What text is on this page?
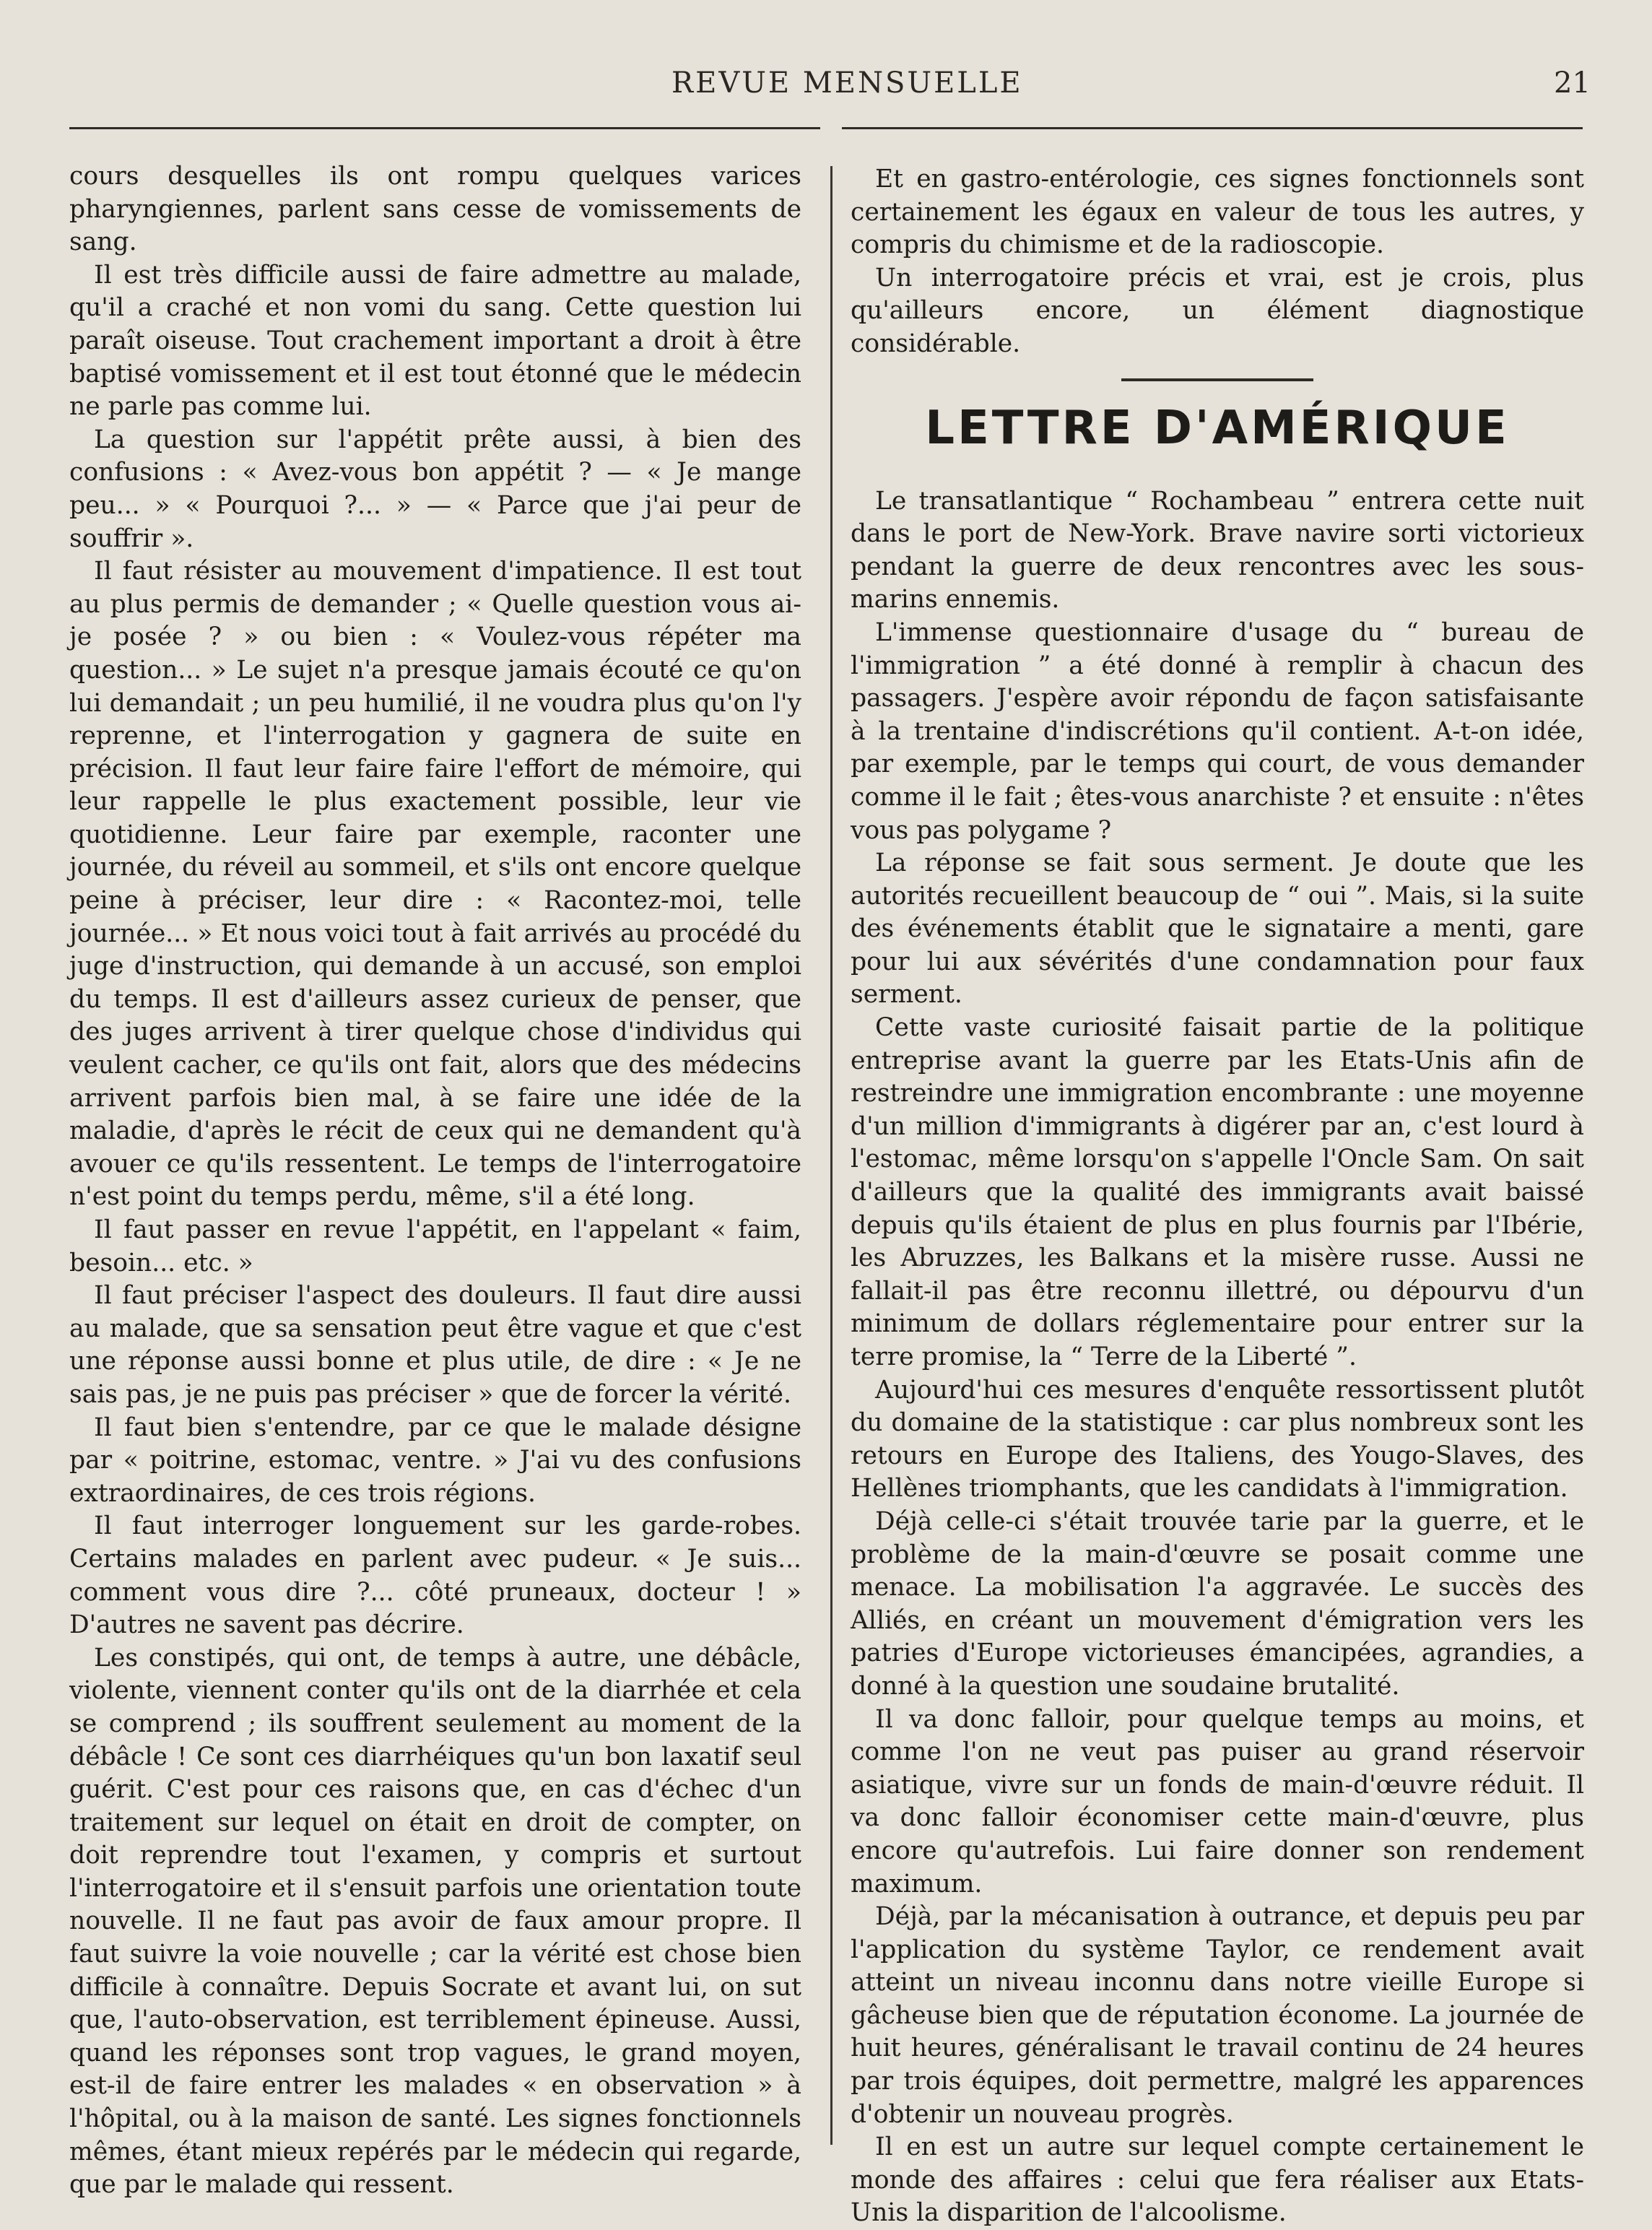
REVUE MENSUELLE	21

cours desquelles ils ont rompu quelques varices pharyngiennes, parlent sans cesse de vomissements de sang.

Il est très difficile aussi de faire admettre au malade, qu'il a craché et non vomi du sang. Cette question lui paraît oiseuse. Tout crachement important a droit à être baptisé vomissement et il est tout étonné que le médecin ne parle pas comme lui.

La question sur l'appétit prête aussi, à bien des confusions : « Avez-vous bon appétit ? — « Je mange peu... » « Pourquoi ?... » — « Parce que j'ai peur de souffrir ».

Il faut résister au mouvement d'impatience. Il est tout au plus permis de demander ; « Quelle question vous ai-je posée ? » ou bien : « Voulez-vous répéter ma question... » Le sujet n'a presque jamais écouté ce qu'on lui demandait ; un peu humilié, il ne voudra plus qu'on l'y reprenne, et l'interrogation y gagnera de suite en précision. Il faut leur faire faire l'effort de mémoire, qui leur rappelle le plus exactement possible, leur vie quotidienne. Leur faire par exemple, raconter une journée, du réveil au sommeil, et s'ils ont encore quelque peine à préciser, leur dire : « Racontez-moi, telle journée... » Et nous voici tout à fait arrivés au procédé du juge d'instruction, qui demande à un accusé, son emploi du temps. Il est d'ailleurs assez curieux de penser, que des juges arrivent à tirer quelque chose d'individus qui veulent cacher, ce qu'ils ont fait, alors que des médecins arrivent parfois bien mal, à se faire une idée de la maladie, d'après le récit de ceux qui ne demandent qu'à avouer ce qu'ils ressentent. Le temps de l'interrogatoire n'est point du temps perdu, même, s'il a été long.

Il faut passer en revue l'appétit, en l'appelant « faim, besoin... etc. »

Il faut préciser l'aspect des douleurs. Il faut dire aussi au malade, que sa sensation peut être vague et que c'est une réponse aussi bonne et plus utile, de dire : « Je ne sais pas, je ne puis pas préciser » que de forcer la vérité.

Il faut bien s'entendre, par ce que le malade désigne par « poitrine, estomac, ventre. » J'ai vu des confusions extraordinaires, de ces trois régions.

Il faut interroger longuement sur les garde-robes. Certains malades en parlent avec pudeur. « Je suis... comment vous dire ?... côté pruneaux, docteur ! » D'autres ne savent pas décrire.

Les constipés, qui ont, de temps à autre, une débâcle, violente, viennent conter qu'ils ont de la diarrhée et cela se comprend ; ils souffrent seulement au moment de la débâcle ! Ce sont ces diarrhéiques qu'un bon laxatif seul guérit. C'est pour ces raisons que, en cas d'échec d'un traitement sur lequel on était en droit de compter, on doit reprendre tout l'examen, y compris et surtout l'interrogatoire et il s'ensuit parfois une orientation toute nouvelle. Il ne faut pas avoir de faux amour propre. Il faut suivre la voie nouvelle ; car la vérité est chose bien difficile à connaître. Depuis Socrate et avant lui, on sut que, l'auto-observation, est terriblement épineuse. Aussi, quand les réponses sont trop vagues, le grand moyen, est-il de faire entrer les malades « en observation » à l'hôpital, ou à la maison de santé. Les signes fonctionnels mêmes, étant mieux repérés par le médecin qui regarde, que par le malade qui ressent.

Et en gastro-entérologie, ces signes fonctionnels sont certainement les égaux en valeur de tous les autres, y compris du chimisme et de la radioscopie.

Un interrogatoire précis et vrai, est je crois, plus qu'ailleurs encore, un élément diagnostique considérable.

LETTRE D'AMÉRIQUE

Le transatlantique “ Rochambeau ” entrera cette nuit dans le port de New-York. Brave navire sorti victorieux pendant la guerre de deux rencontres avec les sous-marins ennemis.

L'immense questionnaire d'usage du “ bureau de l'immigration ” a été donné à remplir à chacun des passagers. J'espère avoir répondu de façon satisfaisante à la trentaine d'indiscrétions qu'il contient. A-t-on idée, par exemple, par le temps qui court, de vous demander comme il le fait ; êtes-vous anarchiste ? et ensuite : n'êtes vous pas polygame ?

La réponse se fait sous serment. Je doute que les autorités recueillent beaucoup de “ oui ”. Mais, si la suite des événements établit que le signataire a menti, gare pour lui aux sévérités d'une condamnation pour faux serment.

Cette vaste curiosité faisait partie de la politique entreprise avant la guerre par les Etats-Unis afin de restreindre une immigration encombrante : une moyenne d'un million d'immigrants à digérer par an, c'est lourd à l'estomac, même lorsqu'on s'appelle l'Oncle Sam. On sait d'ailleurs que la qualité des immigrants avait baissé depuis qu'ils étaient de plus en plus fournis par l'Ibérie, les Abruzzes, les Balkans et la misère russe. Aussi ne fallait-il pas être reconnu illettré, ou dépourvu d'un minimum de dollars réglementaire pour entrer sur la terre promise, la “ Terre de la Liberté ”.

Aujourd'hui ces mesures d'enquête ressortissent plutôt du domaine de la statistique : car plus nombreux sont les retours en Europe des Italiens, des Yougo-Slaves, des Hellènes triomphants, que les candidats à l'immigration.

Déjà celle-ci s'était trouvée tarie par la guerre, et le problème de la main-d'œuvre se posait comme une menace. La mobilisation l'a aggravée. Le succès des Alliés, en créant un mouvement d'émigration vers les patries d'Europe victorieuses émancipées, agrandies, a donné à la question une soudaine brutalité.

Il va donc falloir, pour quelque temps au moins, et comme l'on ne veut pas puiser au grand réservoir asiatique, vivre sur un fonds de main-d'œuvre réduit. Il va donc falloir économiser cette main-d'œuvre, plus encore qu'autrefois. Lui faire donner son rendement maximum.

Déjà, par la mécanisation à outrance, et depuis peu par l'application du système Taylor, ce rendement avait atteint un niveau inconnu dans notre vieille Europe si gâcheuse bien que de réputation économe. La journée de huit heures, généralisant le travail continu de 24 heures par trois équipes, doit permettre, malgré les apparences d'obtenir un nouveau progrès.

Il en est un autre sur lequel compte certainement le monde des affaires : celui que fera réaliser aux Etats-Unis la disparition de l'alcoolisme.
